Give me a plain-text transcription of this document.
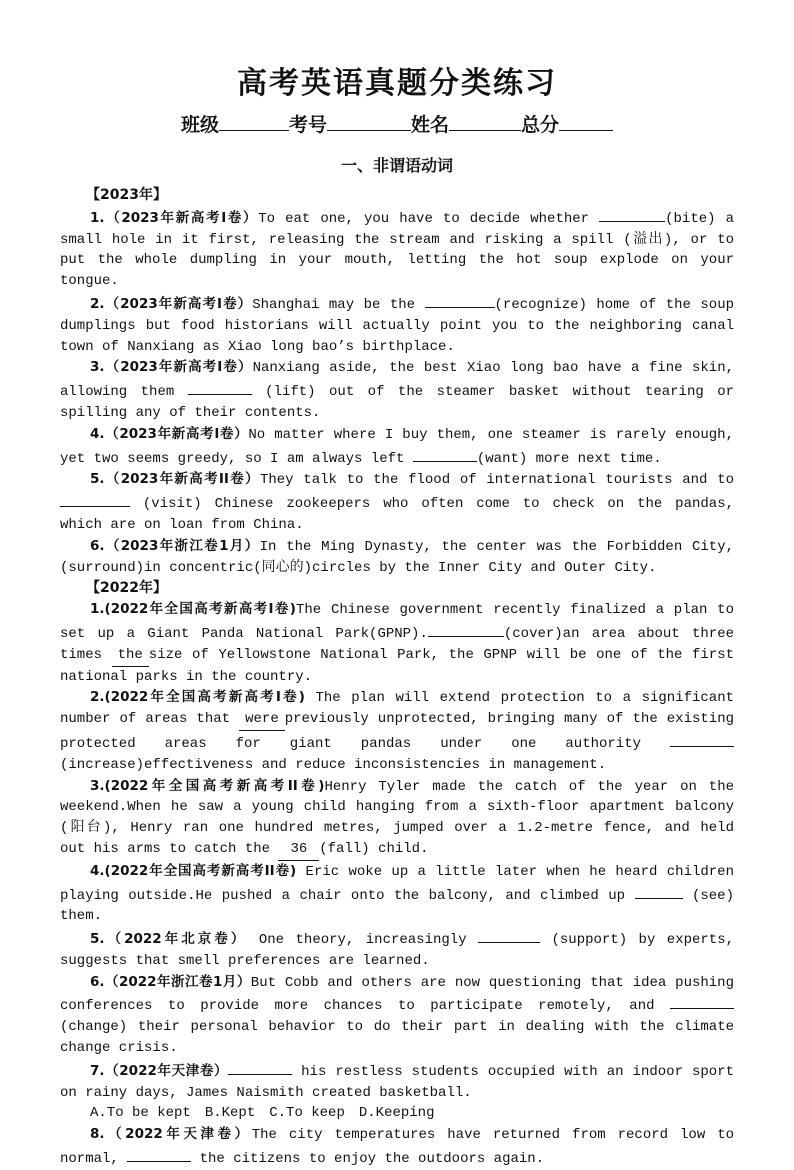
高考英语真题分类练习
班级	考号	姓名	总分
一、非谓语动词
【2023年】
1.（2023年新高考Ⅰ卷）To eat one, you have to decide whether	(bite) a small hole in it first, releasing the stream and risking a spill (溢出), or to put the whole dumpling in your mouth, letting the hot soup explode on your tongue.
2.（2023年新高考Ⅰ卷）Shanghai may be the	(recognize) home of the soup dumplings but food historians will actually point you to the neighboring canal town of Nanxiang as Xiao long bao’s birthplace.
3.（2023年新高考Ⅰ卷）Nanxiang aside, the best Xiao long bao have a fine skin, allowing them	(lift) out of the steamer basket without tearing or spilling any of their contents.
4.（2023年新高考Ⅰ卷）No matter where I buy them, one steamer is rarely enough, yet two seems greedy, so I am always left	(want) more next time.
5.（2023年新高考II卷）They talk to the flood of international tourists and to  (visit) Chinese zookeepers who often come to check on the pandas, which are on loan from China.
6.（2023年浙江卷1月）In the Ming Dynasty, the center was the Forbidden City, (surround)in concentric(同心的)circles by the Inner City and Outer City.
【2022年】
1.(2022年全国高考新高考Ⅰ卷)The Chinese government recently finalized a plan to set up a Giant Panda National Park(GPNP).	(cover)an area about three times the size of Yellowstone National Park, the GPNP will be one of the first national parks in the country.
2.(2022年全国高考新高考Ⅰ卷) The plan will extend protection to a significant number of areas that were previously unprotected, bringing many of the existing protected areas for giant pandas under one authority  (increase)effectiveness and reduce inconsistencies in management.
3.(2022年全国高考新高考II卷)Henry Tyler made the catch of the year on the weekend.When he saw a young child hanging from a sixth-floor apartment balcony (阳台), Henry ran one hundred metres, jumped over a 1.2-metre fence, and held out his arms to catch the 36 (fall) child.
4.(2022年全国高考新高考II卷) Eric woke up a little later when he heard children playing outside.He pushed a chair onto the balcony, and climbed up	(see) them.
5.（2022年北京卷） One theory, increasingly	(support) by experts, suggests that smell preferences are learned.
6.（2022年浙江卷1月）But Cobb and others are now questioning that idea pushing conferences to provide more chances to participate remotely, and  (change) their personal behavior to do their part in dealing with the climate change crisis.
7.（2022年天津卷）	his restless students occupied with an indoor sport on rainy days, James Naismith created basketball.
A.To be kept B.Kept C.To keep D.Keeping
8.（2022年天津卷）The city temperatures have returned from record low to normal,	the citizens to enjoy the outdoors again.
